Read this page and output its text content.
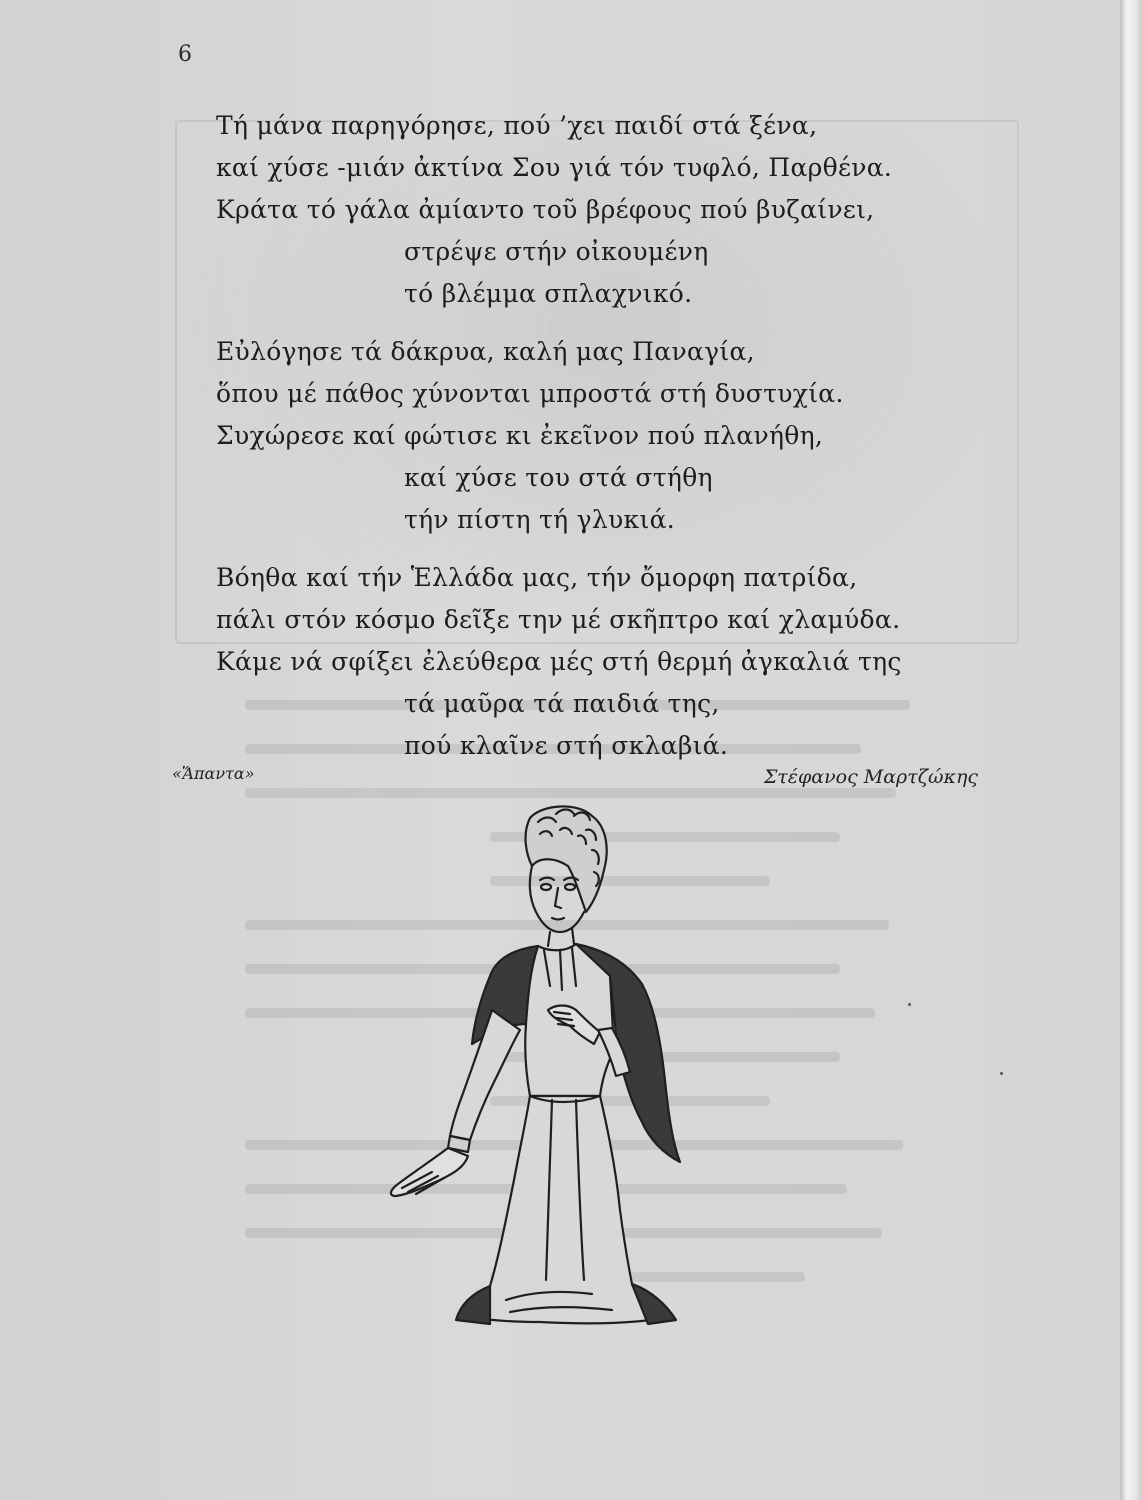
6
Τή μάνα παρηγόρησε, πού ’χει παιδί στά ξένα,
καί χύσε -μιάν ἀκτίνα Σου γιά τόν τυφλό, Παρθένα.
Κράτα τό γάλα ἀμίαντο τοῦ βρέφους πού βυζαίνει,
στρέψε στήν οἰκουμένη
τό βλέμμα σπλαχνικό.
Εὐλόγησε τά δάκρυα, καλή μας Παναγία,
ὅπου μέ πάθος χύνονται μπροστά στή δυστυχία.
Συχώρεσε καί φώτισε κι ἐκεῖνον πού πλανήθη,
καί χύσε του στά στήθη
τήν πίστη τή γλυκιά.
Βόηθα καί τήν Ἑλλάδα μας, τήν ὄμορφη πατρίδα,
πάλι στόν κόσμο δεῖξε την μέ σκῆπτρο καί χλαμύδα.
Κάμε νά σφίξει ἐλεύθερα μές στή θερμή ἀγκαλιά της
τά μαῦρα τά παιδιά της,
πού κλαῖνε στή σκλαβιά.
«Ἅπαντα»	Στέφανος Μαρτζώκης
